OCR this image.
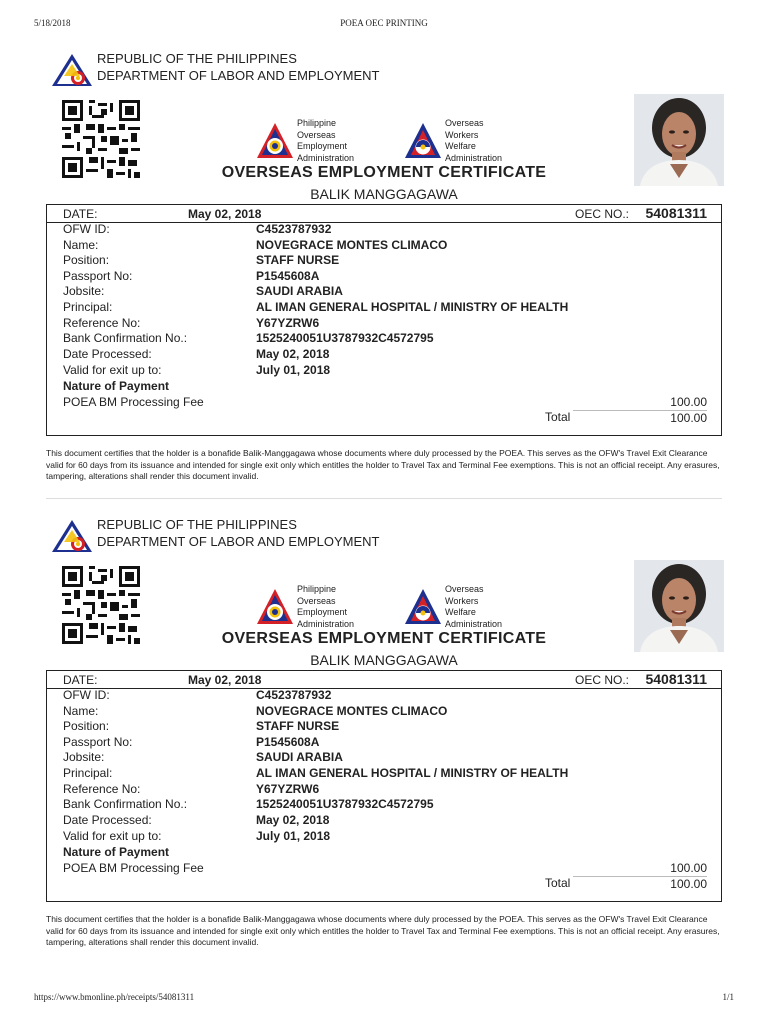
5/18/2018	POEA OEC PRINTING
REPUBLIC OF THE PHILIPPINES
DEPARTMENT OF LABOR AND EMPLOYMENT
Philippine
Overseas
Employment
Administration
Overseas
Workers
Welfare
Administration
OVERSEAS EMPLOYMENT CERTIFICATE
BALIK MANGGAGAWA
DATE:	May 02, 2018	OEC NO.: 54081311
OFW ID:	C4523787932
Name:	NOVEGRACE MONTES CLIMACO
Position:	STAFF NURSE
Passport No:	P1545608A
Jobsite:	SAUDI ARABIA
Principal:	AL IMAN GENERAL HOSPITAL / MINISTRY OF HEALTH
Reference No:	Y67YZRW6
Bank Confirmation No.:	1525240051U3787932C4572795
Date Processed:	May 02, 2018
Valid for exit up to:	July 01, 2018
Nature of Payment
POEA BM Processing Fee	100.00
Total	100.00
This document certifies that the holder is a bonafide Balik-Manggagawa whose documents where duly processed by the POEA. This serves as the OFW's Travel Exit Clearance valid for 60 days from its issuance and intended for single exit only which entitles the holder to Travel Tax and Terminal Fee exemptions. This is not an official receipt. Any erasures, tampering, alterations shall render this document invalid.
REPUBLIC OF THE PHILIPPINES
DEPARTMENT OF LABOR AND EMPLOYMENT
Philippine
Overseas
Employment
Administration
Overseas
Workers
Welfare
Administration
OVERSEAS EMPLOYMENT CERTIFICATE
BALIK MANGGAGAWA
DATE:	May 02, 2018	OEC NO.: 54081311
OFW ID:	C4523787932
Name:	NOVEGRACE MONTES CLIMACO
Position:	STAFF NURSE
Passport No:	P1545608A
Jobsite:	SAUDI ARABIA
Principal:	AL IMAN GENERAL HOSPITAL / MINISTRY OF HEALTH
Reference No:	Y67YZRW6
Bank Confirmation No.:	1525240051U3787932C4572795
Date Processed:	May 02, 2018
Valid for exit up to:	July 01, 2018
Nature of Payment
POEA BM Processing Fee	100.00
Total	100.00
This document certifies that the holder is a bonafide Balik-Manggagawa whose documents where duly processed by the POEA. This serves as the OFW's Travel Exit Clearance valid for 60 days from its issuance and intended for single exit only which entitles the holder to Travel Tax and Terminal Fee exemptions. This is not an official receipt. Any erasures, tampering, alterations shall render this document invalid.
https://www.bmonline.ph/receipts/54081311	1/1
